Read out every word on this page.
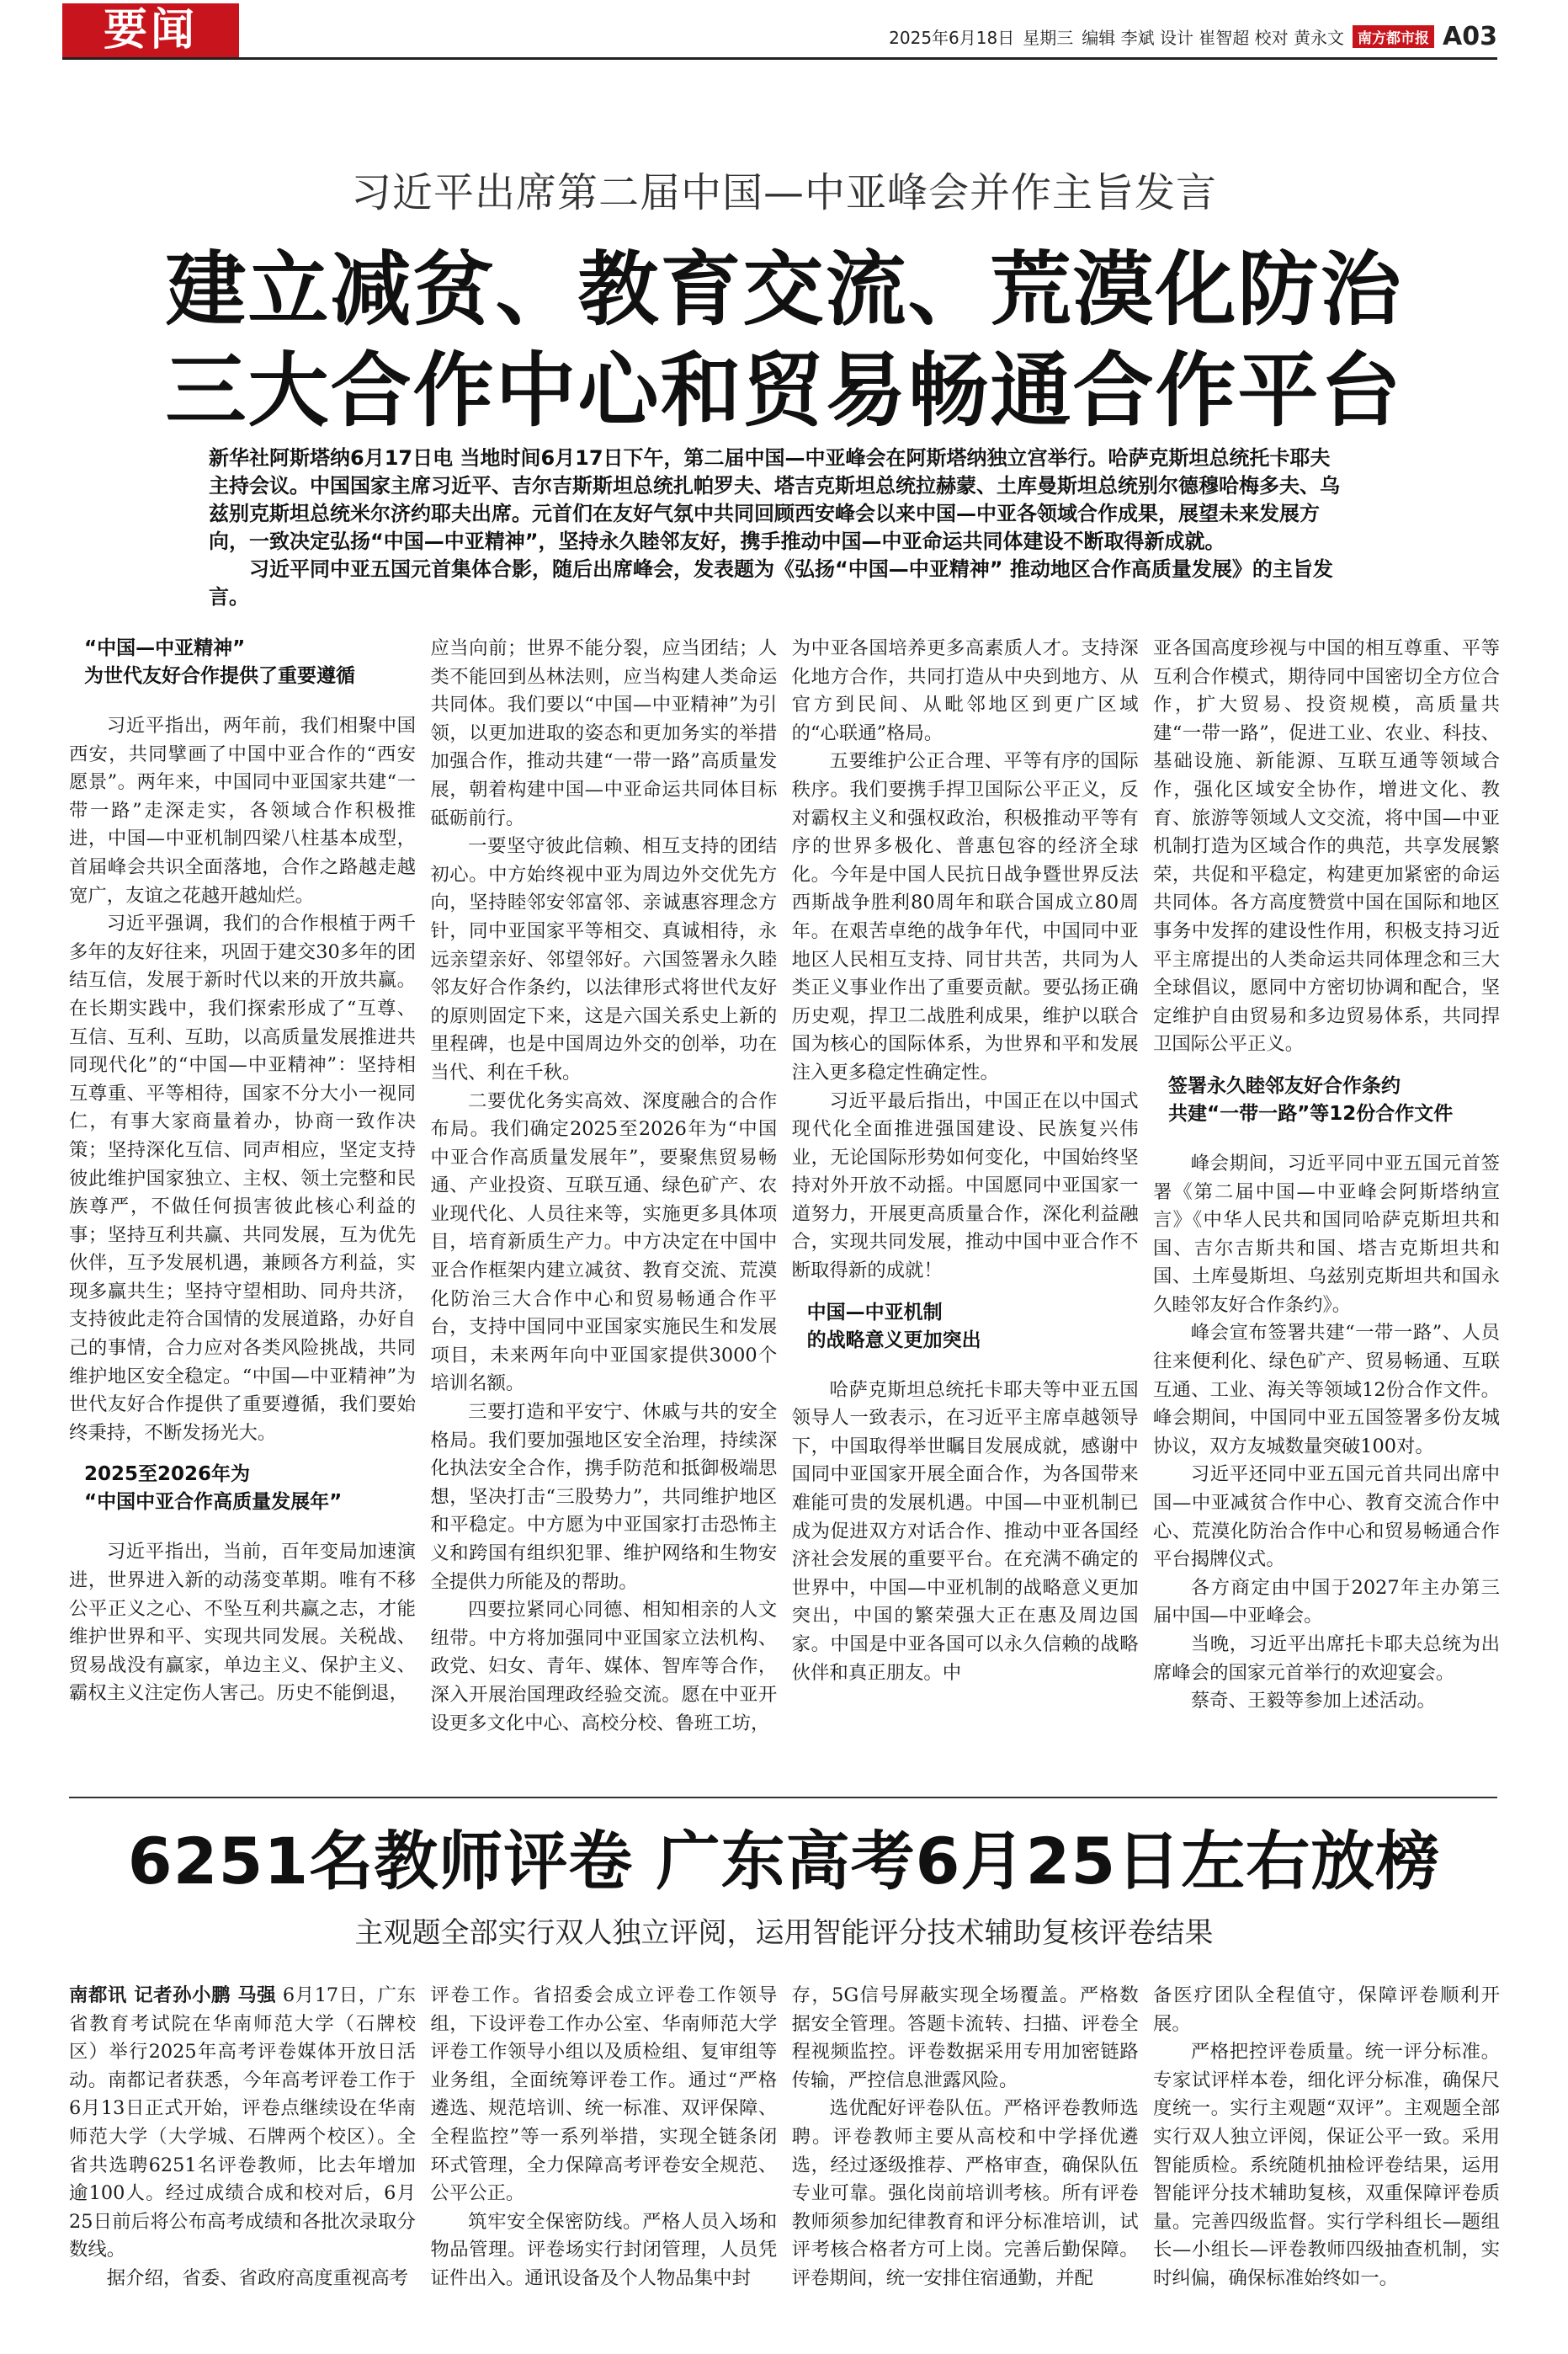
要闻	2025年6月18日 星期三 编辑 李斌 设计 崔智超 校对 黄永文 南方都市报 A03
习近平出席第二届中国—中亚峰会并作主旨发言
建立减贫、教育交流、荒漠化防治
三大合作中心和贸易畅通合作平台

新华社阿斯塔纳6月17日电 当地时间6月17日下午，第二届中国—中亚峰会在阿斯塔纳独立宫举行。哈萨克斯坦总统托卡耶夫主持会议。中国国家主席习近平、吉尔吉斯斯坦总统扎帕罗夫、塔吉克斯坦总统拉赫蒙、土库曼斯坦总统别尔德穆哈梅多夫、乌兹别克斯坦总统米尔济约耶夫出席。元首们在友好气氛中共同回顾西安峰会以来中国—中亚各领域合作成果，展望未来发展方向，一致决定弘扬“中国—中亚精神”，坚持永久睦邻友好，携手推动中国—中亚命运共同体建设不断取得新成就。

习近平同中亚五国元首集体合影，随后出席峰会，发表题为《弘扬“中国—中亚精神” 推动地区合作高质量发展》的主旨发言。

“中国—中亚精神”
为世代友好合作提供了重要遵循

习近平指出，两年前，我们相聚中国西安，共同擘画了中国中亚合作的“西安愿景”。两年来，中国同中亚国家共建“一带一路”走深走实，各领域合作积极推进，中国—中亚机制四梁八柱基本成型，首届峰会共识全面落地，合作之路越走越宽广，友谊之花越开越灿烂。

习近平强调，我们的合作根植于两千多年的友好往来，巩固于建交30多年的团结互信，发展于新时代以来的开放共赢。在长期实践中，我们探索形成了“互尊、互信、互利、互助，以高质量发展推进共同现代化”的“中国—中亚精神”：坚持相互尊重、平等相待，国家不分大小一视同仁，有事大家商量着办，协商一致作决策；坚持深化互信、同声相应，坚定支持彼此维护国家独立、主权、领土完整和民族尊严，不做任何损害彼此核心利益的事；坚持互利共赢、共同发展，互为优先伙伴，互予发展机遇，兼顾各方利益，实现多赢共生；坚持守望相助、同舟共济，支持彼此走符合国情的发展道路，办好自己的事情，合力应对各类风险挑战，共同维护地区安全稳定。“中国—中亚精神”为世代友好合作提供了重要遵循，我们要始终秉持，不断发扬光大。

2025至2026年为
“中国中亚合作高质量发展年”

习近平指出，当前，百年变局加速演进，世界进入新的动荡变革期。唯有不移公平正义之心、不坠互利共赢之志，才能维护世界和平、实现共同发展。关税战、贸易战没有赢家，单边主义、保护主义、霸权主义注定伤人害己。历史不能倒退，

应当向前；世界不能分裂，应当团结；人类不能回到丛林法则，应当构建人类命运共同体。我们要以“中国—中亚精神”为引领，以更加进取的姿态和更加务实的举措加强合作，推动共建“一带一路”高质量发展，朝着构建中国—中亚命运共同体目标砥砺前行。

一要坚守彼此信赖、相互支持的团结初心。中方始终视中亚为周边外交优先方向，坚持睦邻安邻富邻、亲诚惠容理念方针，同中亚国家平等相交、真诚相待，永远亲望亲好、邻望邻好。六国签署永久睦邻友好合作条约，以法律形式将世代友好的原则固定下来，这是六国关系史上新的里程碑，也是中国周边外交的创举，功在当代、利在千秋。

二要优化务实高效、深度融合的合作布局。我们确定2025至2026年为“中国中亚合作高质量发展年”，要聚焦贸易畅通、产业投资、互联互通、绿色矿产、农业现代化、人员往来等，实施更多具体项目，培育新质生产力。中方决定在中国中亚合作框架内建立减贫、教育交流、荒漠化防治三大合作中心和贸易畅通合作平台，支持中国同中亚国家实施民生和发展项目，未来两年向中亚国家提供3000个培训名额。

三要打造和平安宁、休戚与共的安全格局。我们要加强地区安全治理，持续深化执法安全合作，携手防范和抵御极端思想，坚决打击“三股势力”，共同维护地区和平稳定。中方愿为中亚国家打击恐怖主义和跨国有组织犯罪、维护网络和生物安全提供力所能及的帮助。

四要拉紧同心同德、相知相亲的人文纽带。中方将加强同中亚国家立法机构、政党、妇女、青年、媒体、智库等合作，深入开展治国理政经验交流。愿在中亚开设更多文化中心、高校分校、鲁班工坊，

为中亚各国培养更多高素质人才。支持深化地方合作，共同打造从中央到地方、从官方到民间、从毗邻地区到更广区域的“心联通”格局。

五要维护公正合理、平等有序的国际秩序。我们要携手捍卫国际公平正义，反对霸权主义和强权政治，积极推动平等有序的世界多极化、普惠包容的经济全球化。今年是中国人民抗日战争暨世界反法西斯战争胜利80周年和联合国成立80周年。在艰苦卓绝的战争年代，中国同中亚地区人民相互支持、同甘共苦，共同为人类正义事业作出了重要贡献。要弘扬正确历史观，捍卫二战胜利成果，维护以联合国为核心的国际体系，为世界和平和发展注入更多稳定性确定性。

习近平最后指出，中国正在以中国式现代化全面推进强国建设、民族复兴伟业，无论国际形势如何变化，中国始终坚持对外开放不动摇。中国愿同中亚国家一道努力，开展更高质量合作，深化利益融合，实现共同发展，推动中国中亚合作不断取得新的成就！

中国—中亚机制
的战略意义更加突出

哈萨克斯坦总统托卡耶夫等中亚五国领导人一致表示，在习近平主席卓越领导下，中国取得举世瞩目发展成就，感谢中国同中亚国家开展全面合作，为各国带来难能可贵的发展机遇。中国—中亚机制已成为促进双方对话合作、推动中亚各国经济社会发展的重要平台。在充满不确定的世界中，中国—中亚机制的战略意义更加突出，中国的繁荣强大正在惠及周边国家。中国是中亚各国可以永久信赖的战略伙伴和真正朋友。中

亚各国高度珍视与中国的相互尊重、平等互利合作模式，期待同中国密切全方位合作，扩大贸易、投资规模，高质量共建“一带一路”，促进工业、农业、科技、基础设施、新能源、互联互通等领域合作，强化区域安全协作，增进文化、教育、旅游等领域人文交流，将中国—中亚机制打造为区域合作的典范，共享发展繁荣，共促和平稳定，构建更加紧密的命运共同体。各方高度赞赏中国在国际和地区事务中发挥的建设性作用，积极支持习近平主席提出的人类命运共同体理念和三大全球倡议，愿同中方密切协调和配合，坚定维护自由贸易和多边贸易体系，共同捍卫国际公平正义。

签署永久睦邻友好合作条约
共建“一带一路”等12份合作文件

峰会期间，习近平同中亚五国元首签署《第二届中国—中亚峰会阿斯塔纳宣言》《中华人民共和国同哈萨克斯坦共和国、吉尔吉斯共和国、塔吉克斯坦共和国、土库曼斯坦、乌兹别克斯坦共和国永久睦邻友好合作条约》。

峰会宣布签署共建“一带一路”、人员往来便利化、绿色矿产、贸易畅通、互联互通、工业、海关等领域12份合作文件。峰会期间，中国同中亚五国签署多份友城协议，双方友城数量突破100对。

习近平还同中亚五国元首共同出席中国—中亚减贫合作中心、教育交流合作中心、荒漠化防治合作中心和贸易畅通合作平台揭牌仪式。

各方商定由中国于2027年主办第三届中国—中亚峰会。

当晚，习近平出席托卡耶夫总统为出席峰会的国家元首举行的欢迎宴会。

蔡奇、王毅等参加上述活动。

6251名教师评卷 广东高考6月25日左右放榜
主观题全部实行双人独立评阅，运用智能评分技术辅助复核评卷结果

南都讯 记者孙小鹏 马强 6月17日，广东省教育考试院在华南师范大学（石牌校区）举行2025年高考评卷媒体开放日活动。南都记者获悉，今年高考评卷工作于6月13日正式开始，评卷点继续设在华南师范大学（大学城、石牌两个校区）。全省共选聘6251名评卷教师，比去年增加逾100人。经过成绩合成和校对后，6月25日前后将公布高考成绩和各批次录取分数线。

据介绍，省委、省政府高度重视高考

评卷工作。省招委会成立评卷工作领导组，下设评卷工作办公室、华南师范大学评卷工作领导小组以及质检组、复审组等业务组，全面统筹评卷工作。通过“严格遴选、规范培训、统一标准、双评保障、全程监控”等一系列举措，实现全链条闭环式管理，全力保障高考评卷安全规范、公平公正。

筑牢安全保密防线。严格人员入场和物品管理。评卷场实行封闭管理，人员凭证件出入。通讯设备及个人物品集中封

存，5G信号屏蔽实现全场覆盖。严格数据安全管理。答题卡流转、扫描、评卷全程视频监控。评卷数据采用专用加密链路传输，严控信息泄露风险。

选优配好评卷队伍。严格评卷教师选聘。评卷教师主要从高校和中学择优遴选，经过逐级推荐、严格审查，确保队伍专业可靠。强化岗前培训考核。所有评卷教师须参加纪律教育和评分标准培训，试评考核合格者方可上岗。完善后勤保障。评卷期间，统一安排住宿通勤，并配

备医疗团队全程值守，保障评卷顺利开展。

严格把控评卷质量。统一评分标准。专家试评样本卷，细化评分标准，确保尺度统一。实行主观题“双评”。主观题全部实行双人独立评阅，保证公平一致。采用智能质检。系统随机抽检评卷结果，运用智能评分技术辅助复核，双重保障评卷质量。完善四级监督。实行学科组长—题组长—小组长—评卷教师四级抽查机制，实时纠偏，确保标准始终如一。
